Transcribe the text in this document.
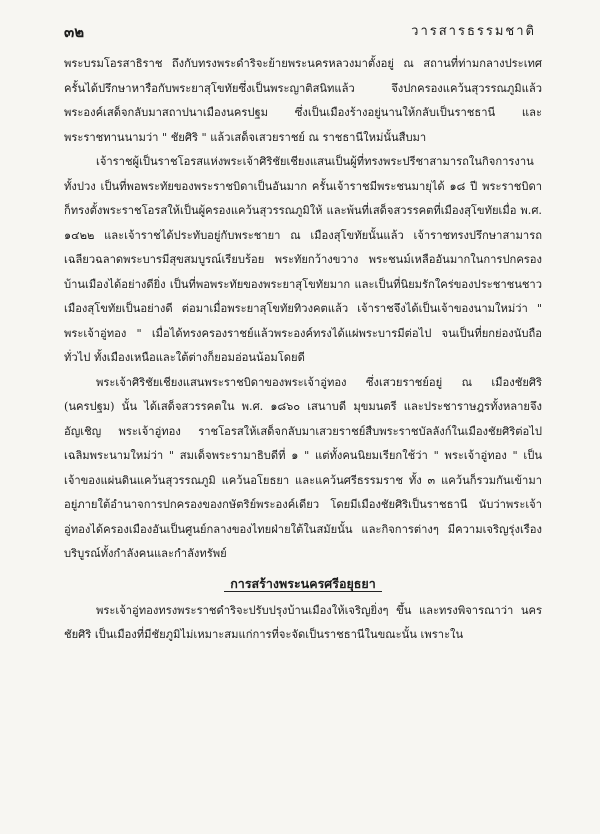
๓๒	วารสารธรรมชาติ

พระบรมโอรสาธิราช ถึงกับทรงพระดำริจะย้ายพระนครหลวงมาตั้งอยู่ ณ สถานที่ท่ามกลางประเทศ ครั้นได้ปรึกษาหารือกับพระยาสุโขทัยซึ่งเป็นพระญาติสนิทแล้ว จึงปกครองแคว้นสุวรรณภูมิแล้ว พระองค์เสด็จกลับมาสถาปนาเมืองนครปฐม ซึ่งเป็นเมืองร้างอยู่นานให้กลับเป็นราชธานี และพระราชทานนามว่า " ชัยศิริ " แล้วเสด็จเสวยราชย์ ณ ราชธานีใหม่นั้นสืบมา

เจ้าราชผู้เป็นราชโอรสแห่งพระเจ้าศิริชัยเชียงแสนเป็นผู้ที่ทรงพระปรีชาสามารถในกิจการงานทั้งปวง เป็นที่พอพระทัยของพระราชบิดาเป็นอันมาก ครั้นเจ้าราชมีพระชนมายุได้ ๑๘ ปี พระราชบิดาก็ทรงตั้งพระราชโอรสให้เป็นผู้ครองแคว้นสุวรรณภูมิให้ และพ้นที่เสด็จสวรรคตที่เมืองสุโขทัยเมื่อ พ.ศ. ๑๔๒๒ และเจ้าราชได้ประทับอยู่กับพระชายา ณ เมืองสุโขทัยนั้นแล้ว เจ้าราชทรงปรึกษาสามารถเฉลียวฉลาดพระบารมีสุขสมบูรณ์เรียบร้อย พระทัยกว้างขวาง พระชนม์เหลืออันมากในการปกครองบ้านเมืองได้อย่างดียิ่ง เป็นที่พอพระทัยของพระยาสุโขทัยมาก และเป็นที่นิยมรักใคร่ของประชาชนชาวเมืองสุโขทัยเป็นอย่างดี ต่อมาเมื่อพระยาสุโขทัยทิวงคตแล้ว เจ้าราชจึงได้เป็นเจ้าของนามใหม่ว่า " พระเจ้าอู่ทอง " เมื่อได้ทรงครองราชย์แล้วพระองค์ทรงได้แผ่พระบารมีต่อไป จนเป็นที่ยกย่องนับถือทั่วไป ทั้งเมืองเหนือและใต้ต่างก็ยอมอ่อนน้อมโดยดี

พระเจ้าศิริชัยเชียงแสนพระราชบิดาของพระเจ้าอู่ทอง ซึ่งเสวยราชย์อยู่ ณ เมืองชัยศิริ (นครปฐม) นั้น ได้เสด็จสวรรคตใน พ.ศ. ๑๘๖๐ เสนาบดี มุขมนตรี และประชาราษฎรทั้งหลายจึงอัญเชิญ พระเจ้าอู่ทอง ราชโอรสให้เสด็จกลับมาเสวยราชย์สืบพระราชบัลลังก์ในเมืองชัยศิริต่อไป เฉลิมพระนามใหม่ว่า " สมเด็จพระรามาธิบดีที่ ๑ " แต่ทั้งคนนิยมเรียกใช้ว่า " พระเจ้าอู่ทอง " เป็นเจ้าของแผ่นดินแคว้นสุวรรณภูมิ แคว้นอโยธยา และแคว้นศรีธรรมราช ทั้ง ๓ แคว้นก็รวมกันเข้ามาอยู่ภายใต้อำนาจการปกครองของกษัตริย์พระองค์เดียว โดยมีเมืองชัยศิริเป็นราชธานี นับว่าพระเจ้าอู่ทองได้ครองเมืองอันเป็นศูนย์กลางของไทยฝ่ายใต้ในสมัยนั้น และกิจการต่างๆ มีความเจริญรุ่งเรือง บริบูรณ์ทั้งกำลังคนและกำลังทรัพย์

การสร้างพระนครศรีอยุธยา

พระเจ้าอู่ทองทรงพระราชดำริจะปรับปรุงบ้านเมืองให้เจริญยิ่งๆ ขึ้น และทรงพิจารณาว่า นครชัยศิริ เป็นเมืองที่มีชัยภูมิไม่เหมาะสมแก่การที่จะจัดเป็นราชธานีในขณะนั้น เพราะใน
